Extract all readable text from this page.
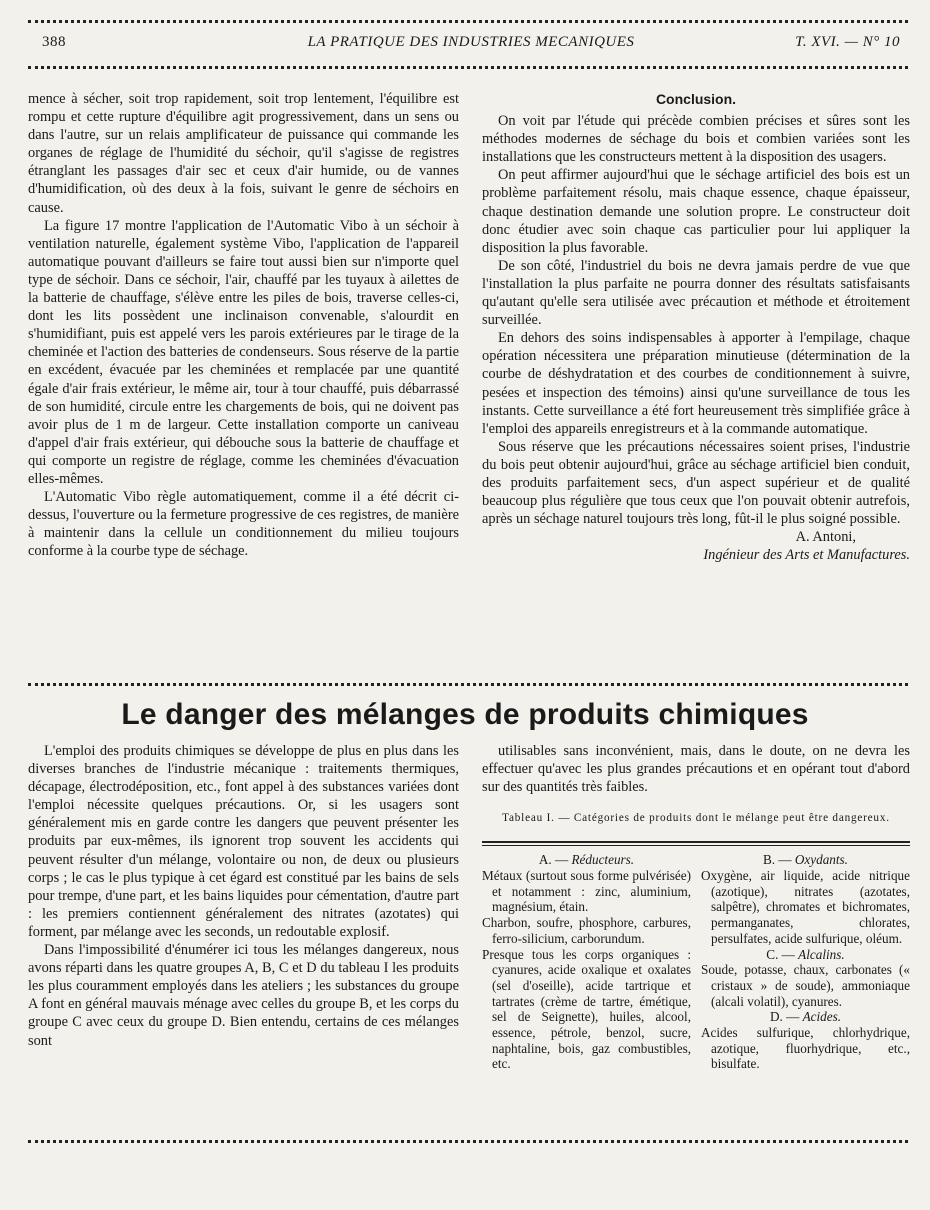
388	LA PRATIQUE DES INDUSTRIES MECANIQUES	T. XVI. — N° 10

mence à sécher, soit trop rapidement, soit trop lentement, l'équilibre est rompu et cette rupture d'équilibre agit progressivement, dans un sens ou dans l'autre, sur un relais amplificateur de puissance qui commande les organes de réglage de l'humidité du séchoir, qu'il s'agisse de registres étranglant les passages d'air sec et ceux d'air humide, ou de vannes d'humidification, où des deux à la fois, suivant le genre de séchoirs en cause.

La figure 17 montre l'application de l'Automatic Vibo à un séchoir à ventilation naturelle, également système Vibo, l'application de l'appareil automatique pouvant d'ailleurs se faire tout aussi bien sur n'importe quel type de séchoir. Dans ce séchoir, l'air, chauffé par les tuyaux à ailettes de la batterie de chauffage, s'élève entre les piles de bois, traverse celles-ci, dont les lits possèdent une inclinaison convenable, s'alourdit en s'humidifiant, puis est appelé vers les parois extérieures par le tirage de la cheminée et l'action des batteries de condenseurs. Sous réserve de la partie en excédent, évacuée par les cheminées et remplacée par une quantité égale d'air frais extérieur, le même air, tour à tour chauffé, puis débarrassé de son humidité, circule entre les chargements de bois, qui ne doivent pas avoir plus de 1 m de largeur. Cette installation comporte un caniveau d'appel d'air frais extérieur, qui débouche sous la batterie de chauffage et qui comporte un registre de réglage, comme les cheminées d'évacuation elles-mêmes.

L'Automatic Vibo règle automatiquement, comme il a été décrit ci-dessus, l'ouverture ou la fermeture progressive de ces registres, de manière à maintenir dans la cellule un conditionnement du milieu toujours conforme à la courbe type de séchage.

Conclusion.

On voit par l'étude qui précède combien précises et sûres sont les méthodes modernes de séchage du bois et combien variées sont les installations que les constructeurs mettent à la disposition des usagers.

On peut affirmer aujourd'hui que le séchage artificiel des bois est un problème parfaitement résolu, mais chaque essence, chaque épaisseur, chaque destination demande une solution propre. Le constructeur doit donc étudier avec soin chaque cas particulier pour lui appliquer la disposition la plus favorable.

De son côté, l'industriel du bois ne devra jamais perdre de vue que l'installation la plus parfaite ne pourra donner des résultats satisfaisants qu'autant qu'elle sera utilisée avec précaution et méthode et étroitement surveillée.

En dehors des soins indispensables à apporter à l'empilage, chaque opération nécessitera une préparation minutieuse (détermination de la courbe de déshydratation et des courbes de conditionnement à suivre, pesées et inspection des témoins) ainsi qu'une surveillance de tous les instants. Cette surveillance a été fort heureusement très simplifiée grâce à l'emploi des appareils enregistreurs et à la commande automatique.

Sous réserve que les précautions nécessaires soient prises, l'industrie du bois peut obtenir aujourd'hui, grâce au séchage artificiel bien conduit, des produits parfaitement secs, d'un aspect supérieur et de qualité beaucoup plus régulière que tous ceux que l'on pouvait obtenir autrefois, après un séchage naturel toujours très long, fût-il le plus soigné possible.

A. Antoni,
Ingénieur des Arts et Manufactures.
Le danger des mélanges de produits chimiques

L'emploi des produits chimiques se développe de plus en plus dans les diverses branches de l'industrie mécanique : traitements thermiques, décapage, électrodéposition, etc., font appel à des substances variées dont l'emploi nécessite quelques précautions. Or, si les usagers sont généralement mis en garde contre les dangers que peuvent présenter les produits par eux-mêmes, ils ignorent trop souvent les accidents qui peuvent résulter d'un mélange, volontaire ou non, de deux ou plusieurs corps ; le cas le plus typique à cet égard est constitué par les bains de sels pour trempe, d'une part, et les bains liquides pour cémentation, d'autre part : les premiers contiennent généralement des nitrates (azotates) qui forment, par mélange avec les seconds, un redoutable explosif.

Dans l'impossibilité d'énumérer ici tous les mélanges dangereux, nous avons réparti dans les quatre groupes A, B, C et D du tableau I les produits les plus couramment employés dans les ateliers ; les substances du groupe A font en général mauvais ménage avec celles du groupe B, et les corps du groupe C avec ceux du groupe D. Bien entendu, certains de ces mélanges sont

utilisables sans inconvénient, mais, dans le doute, on ne devra les effectuer qu'avec les plus grandes précautions et en opérant tout d'abord sur des quantités très faibles.

Tableau I. — Catégories de produits dont le mélange peut être dangereux.
A. — Réducteurs.
Métaux (surtout sous forme pulvérisée) et notamment : zinc, aluminium, magnésium, étain.
Charbon, soufre, phosphore, carbures, ferro-silicium, carborundum.
Presque tous les corps organiques : cyanures, acide oxalique et oxalates (sel d'oseille), acide tartrique et tartrates (crème de tartre, émétique, sel de Seignette), huiles, alcool, essence, pétrole, benzol, sucre, naphtaline, bois, gaz combustibles, etc.
B. — Oxydants.
Oxygène, air liquide, acide nitrique (azotique), nitrates (azotates, salpêtre), chromates et bichromates, permanganates, chlorates, persulfates, acide sulfurique, oléum.
C. — Alcalins.
Soude, potasse, chaux, carbonates (« cristaux » de soude), ammoniaque (alcali volatil), cyanures.
D. — Acides.
Acides sulfurique, chlorhydrique, azotique, fluorhydrique, etc., bisulfate.
